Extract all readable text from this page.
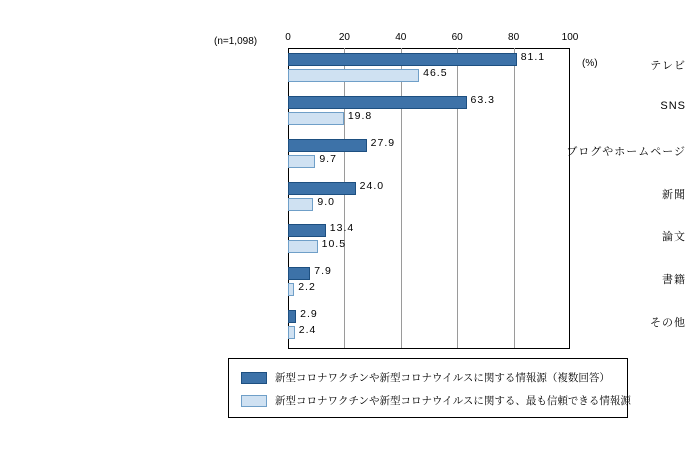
(n=1,098)	0	20	40	60	80	100
(%)	テレビ
81.1
46.5
SNS
63.3
19.8
ブログやホームページ
27.9
9.7
新聞
24.0
9.0
論文
13.4
10.5
書籍
7.9
2.2
その他
2.9
2.4
新型コロナワクチンや新型コロナウイルスに関する情報源（複数回答）
新型コロナワクチンや新型コロナウイルスに関する、最も信頼できる情報源
